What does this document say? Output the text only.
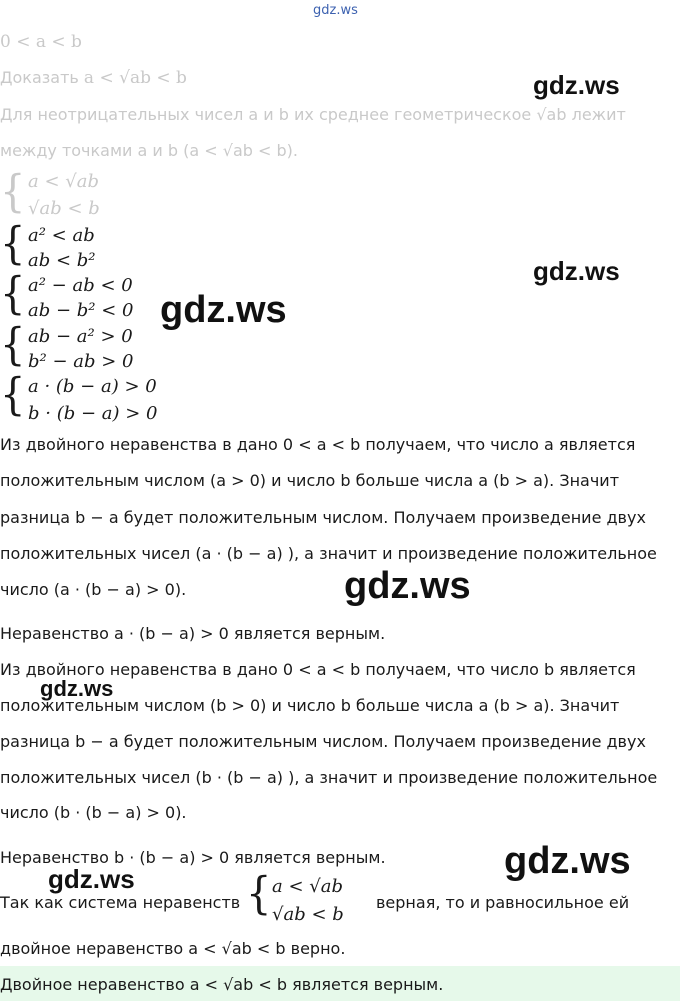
gdz.ws
0 < a < b
Доказать a < √ab < b
Для неотрицательных чисел a и b их среднее геометрическое √ab лежит
между точками a и b (a < √ab < b).
{ a < √ab
√ab < b
{ a² < ab
ab < b²
{ a² − ab < 0
ab − b² < 0
{ ab − a² > 0
b² − ab > 0
{ a · (b − a) > 0
b · (b − a) > 0
Из двойного неравенства в дано 0 < a < b получаем, что число a является
положительным числом (a > 0) и число b больше числа a (b > a). Значит
разница b − a будет положительным числом. Получаем произведение двух
положительных чисел (a · (b − a) ), а значит и произведение положительное
число (a · (b − a) > 0).
Неравенство a · (b − a) > 0 является верным.
Из двойного неравенства в дано 0 < a < b получаем, что число b является
положительным числом (b > 0) и число b больше числа a (b > a). Значит
разница b − a будет положительным числом. Получаем произведение двух
положительных чисел (b · (b − a) ), а значит и произведение положительное
число (b · (b − a) > 0).
Неравенство b · (b − a) > 0 является верным.
Так как система неравенств { a < √ab
√ab < b
верная, то и равносильное ей
двойное неравенство a < √ab < b верно.
Двойное неравенство a < √ab < b является верным.
gdz.ws
gdz.ws
gdz.ws
gdz.ws
gdz.ws
gdz.ws
gdz.ws
